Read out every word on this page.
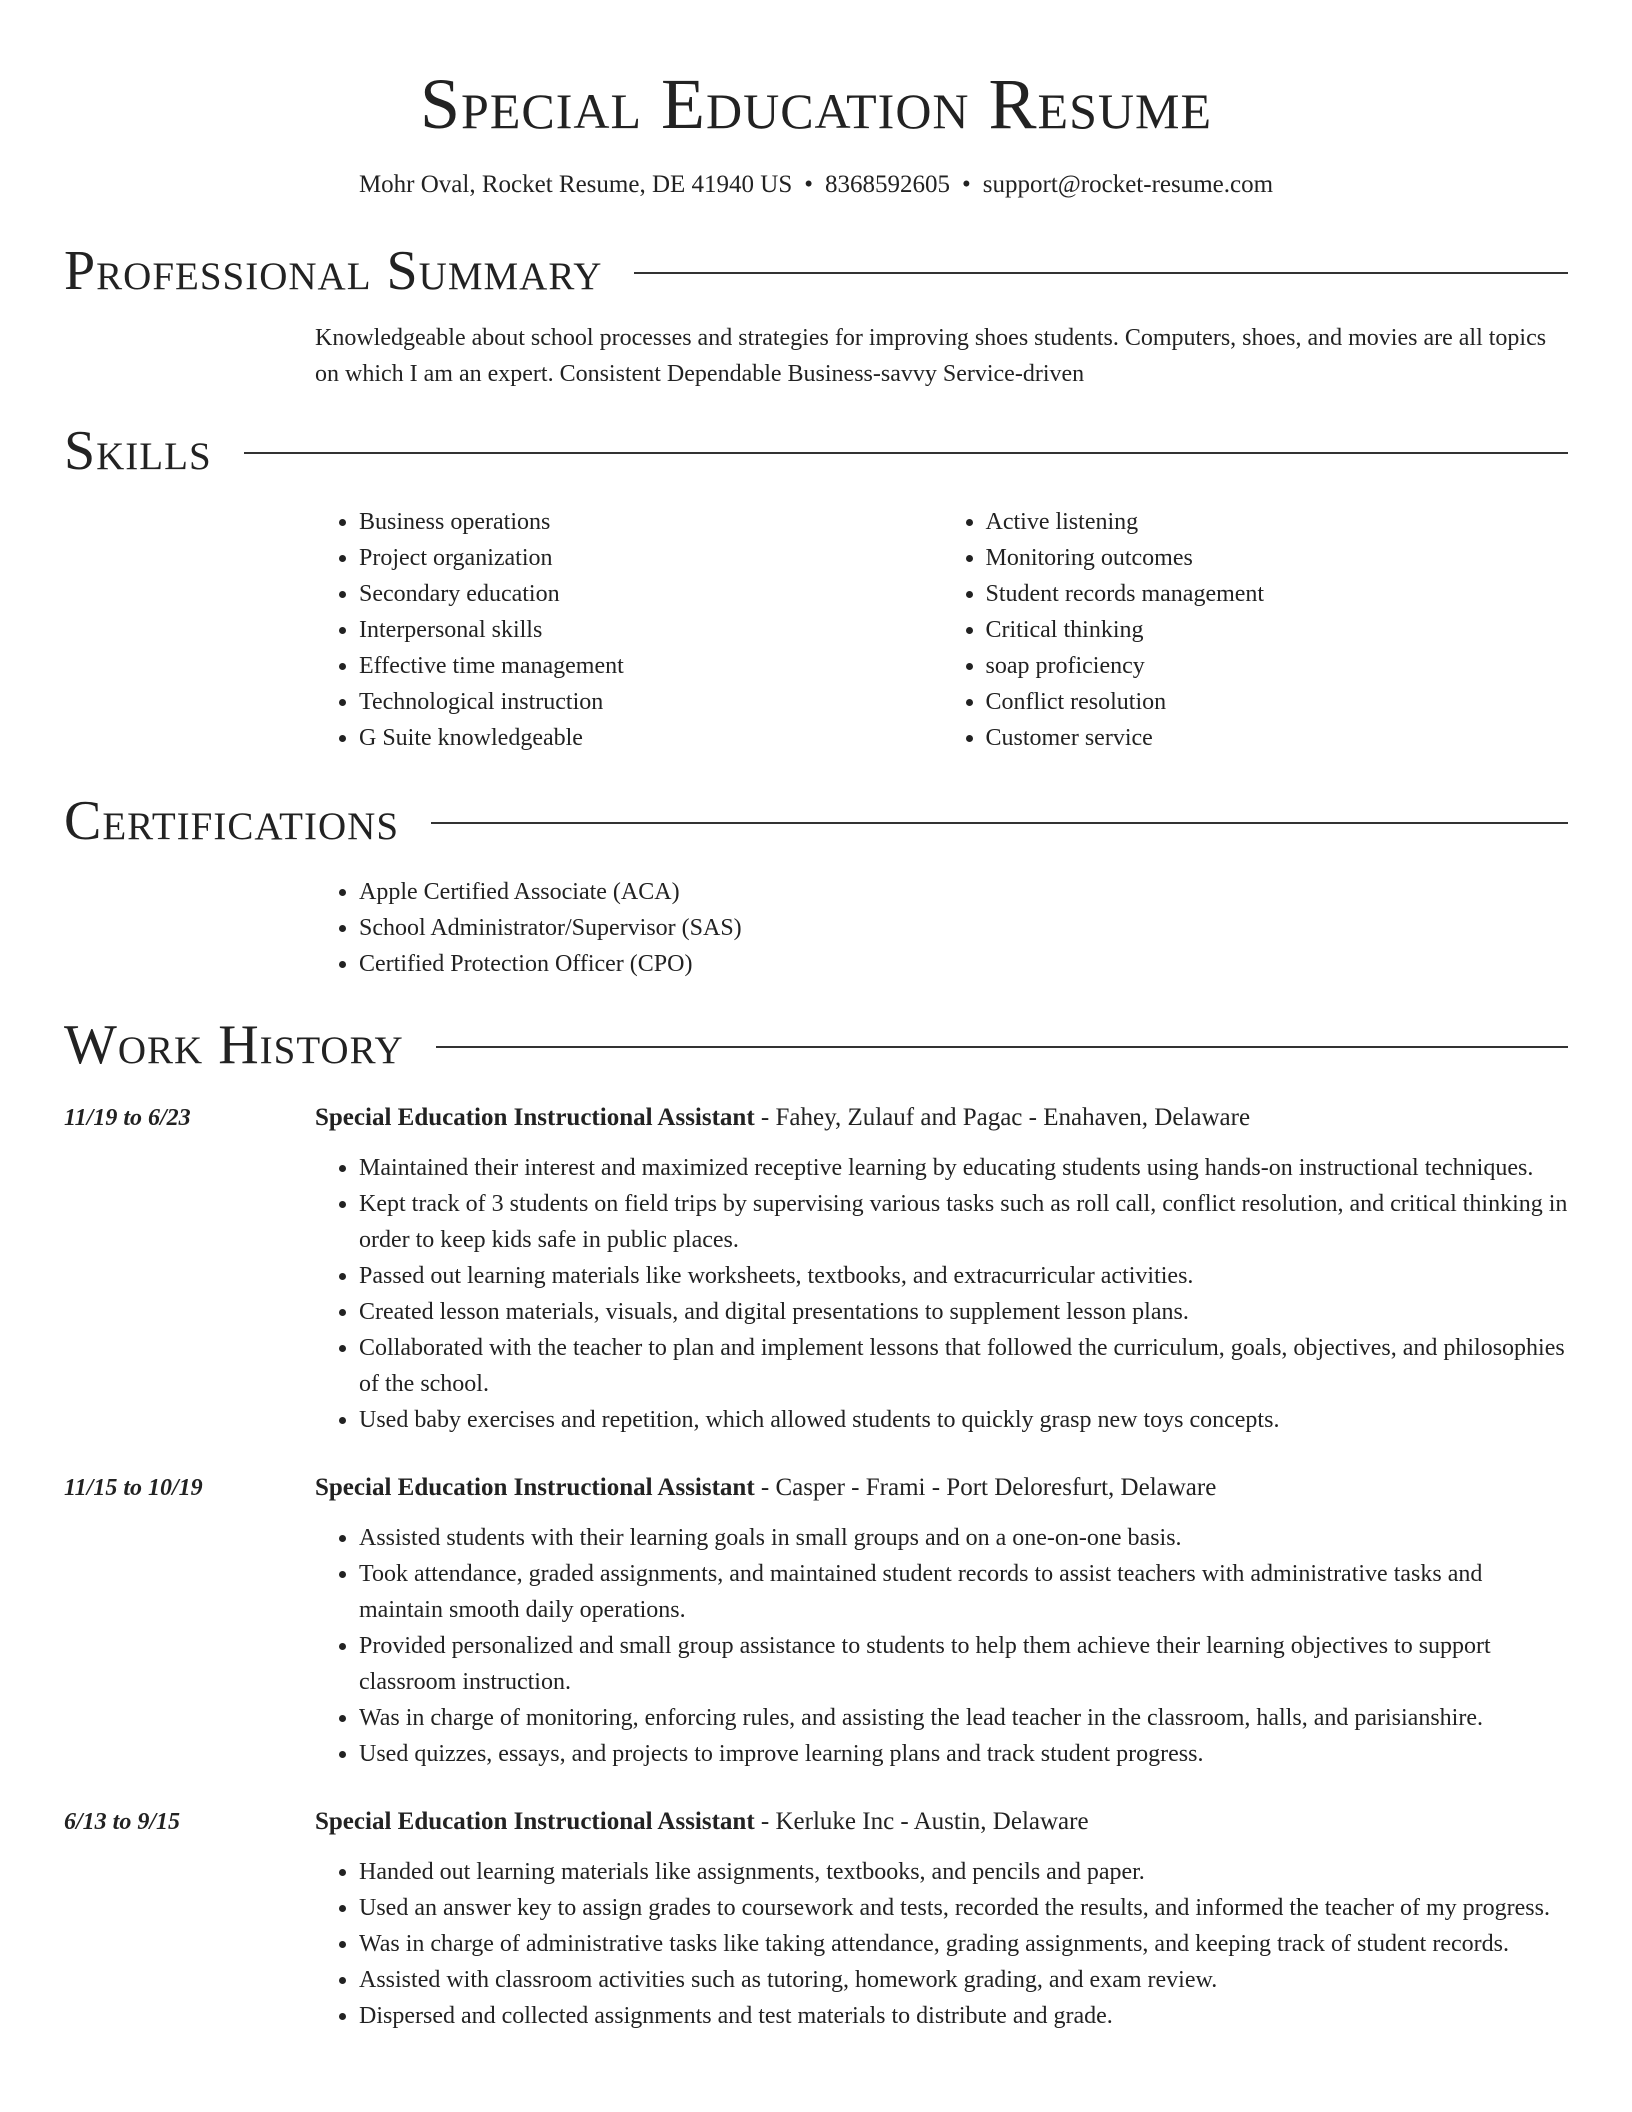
Special Education Resume
Mohr Oval, Rocket Resume, DE 41940 US • 8368592605 • support@rocket-resume.com
Professional Summary
Knowledgeable about school processes and strategies for improving shoes students. Computers, shoes, and movies are all topics on which I am an expert. Consistent Dependable Business-savvy Service-driven
Skills
• Business operations
• Project organization
• Secondary education
• Interpersonal skills
• Effective time management
• Technological instruction
• G Suite knowledgeable
• Active listening
• Monitoring outcomes
• Student records management
• Critical thinking
• soap proficiency
• Conflict resolution
• Customer service
Certifications
• Apple Certified Associate (ACA)
• School Administrator/Supervisor (SAS)
• Certified Protection Officer (CPO)
Work History
11/19 to 6/23	Special Education Instructional Assistant - Fahey, Zulauf and Pagac - Enahaven, Delaware
• Maintained their interest and maximized receptive learning by educating students using hands-on instructional techniques.
• Kept track of 3 students on field trips by supervising various tasks such as roll call, conflict resolution, and critical thinking in order to keep kids safe in public places.
• Passed out learning materials like worksheets, textbooks, and extracurricular activities.
• Created lesson materials, visuals, and digital presentations to supplement lesson plans.
• Collaborated with the teacher to plan and implement lessons that followed the curriculum, goals, objectives, and philosophies of the school.
• Used baby exercises and repetition, which allowed students to quickly grasp new toys concepts.
11/15 to 10/19	Special Education Instructional Assistant - Casper - Frami - Port Deloresfurt, Delaware
• Assisted students with their learning goals in small groups and on a one-on-one basis.
• Took attendance, graded assignments, and maintained student records to assist teachers with administrative tasks and maintain smooth daily operations.
• Provided personalized and small group assistance to students to help them achieve their learning objectives to support classroom instruction.
• Was in charge of monitoring, enforcing rules, and assisting the lead teacher in the classroom, halls, and parisianshire.
• Used quizzes, essays, and projects to improve learning plans and track student progress.
6/13 to 9/15	Special Education Instructional Assistant - Kerluke Inc - Austin, Delaware
• Handed out learning materials like assignments, textbooks, and pencils and paper.
• Used an answer key to assign grades to coursework and tests, recorded the results, and informed the teacher of my progress.
• Was in charge of administrative tasks like taking attendance, grading assignments, and keeping track of student records.
• Assisted with classroom activities such as tutoring, homework grading, and exam review.
• Dispersed and collected assignments and test materials to distribute and grade.
